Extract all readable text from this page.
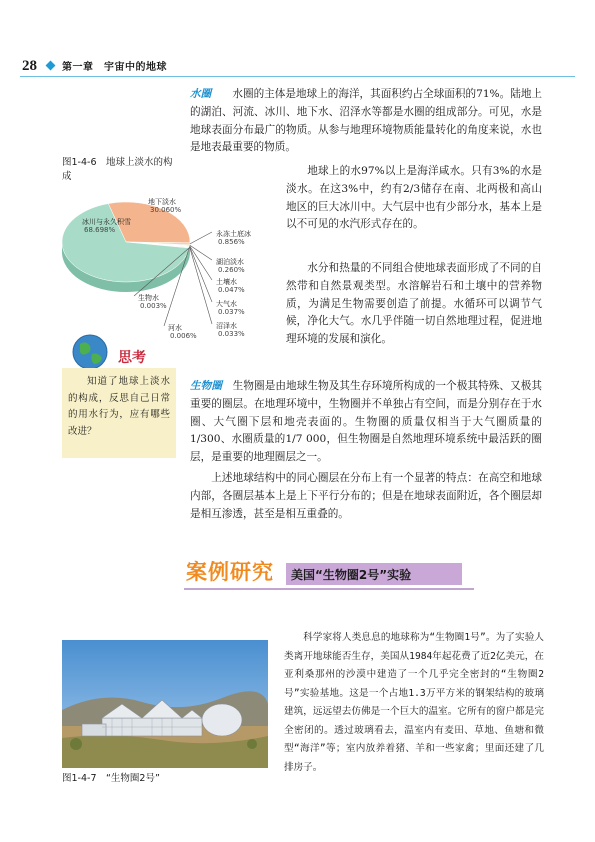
28	第一章　宇宙中的地球
水圈 水圈的主体是地球上的海洋，其面积约占全球面积的71%。陆地上的湖泊、河流、冰川、地下水、沼泽水等都是水圈的组成部分。可见，水是地球表面分布最广的物质。从参与地理环境物质能量转化的角度来说，水也是地表最重要的物质。
图1-4-6　地球上淡水的构成
冰川与永久积雪
68.698%
地下淡水
30.060%
永冻土底冰
0.856%
湖泊淡水
0.260%
土壤水
0.047%
大气水
0.037%
沼泽水
0.033%
河水
0.006%
生物水
0.003%
地球上的水97%以上是海洋咸水。只有3%的水是淡水。在这3%中，约有2/3储存在南、北两极和高山地区的巨大冰川中。大气层中也有少部分水，基本上是以不可见的水汽形式存在的。
水分和热量的不同组合使地球表面形成了不同的自然带和自然景观类型。水溶解岩石和土壤中的营养物质，为满足生物需要创造了前提。水循环可以调节气候，净化大气。水几乎伴随一切自然地理过程，促进地理环境的发展和演化。
思考
知道了地球上淡水的构成，反思自己日常的用水行为，应有哪些改进？
生物圈 生物圈是由地球生物及其生存环境所构成的一个极其特殊、又极其重要的圈层。在地理环境中，生物圈并不单独占有空间，而是分别存在于水圈、大气圈下层和地壳表面的。生物圈的质量仅相当于大气圈质量的1/300、水圈质量的1/7 000，但生物圈是自然地理环境系统中最活跃的圈层，是重要的地理圈层之一。
上述地球结构中的同心圈层在分布上有一个显著的特点：在高空和地球内部，各圈层基本上是上下平行分布的；但是在地球表面附近，各个圈层却是相互渗透，甚至是相互重叠的。
案例研究 美国“生物圈2号”实验
图1-4-7　“生物圈2号”
科学家将人类息息的地球称为“生物圈1号”。为了实验人类离开地球能否生存，美国从1984年起花费了近2亿美元，在亚利桑那州的沙漠中建造了一个几乎完全密封的“生物圈2号”实验基地。这是一个占地1.3万平方米的钢架结构的玻璃建筑，远远望去仿佛是一个巨大的温室。它所有的窗户都是完全密闭的。透过玻璃看去，温室内有麦田、草地、鱼塘和微型“海洋”等；室内放养着猪、羊和一些家禽；里面还建了几排房子。
